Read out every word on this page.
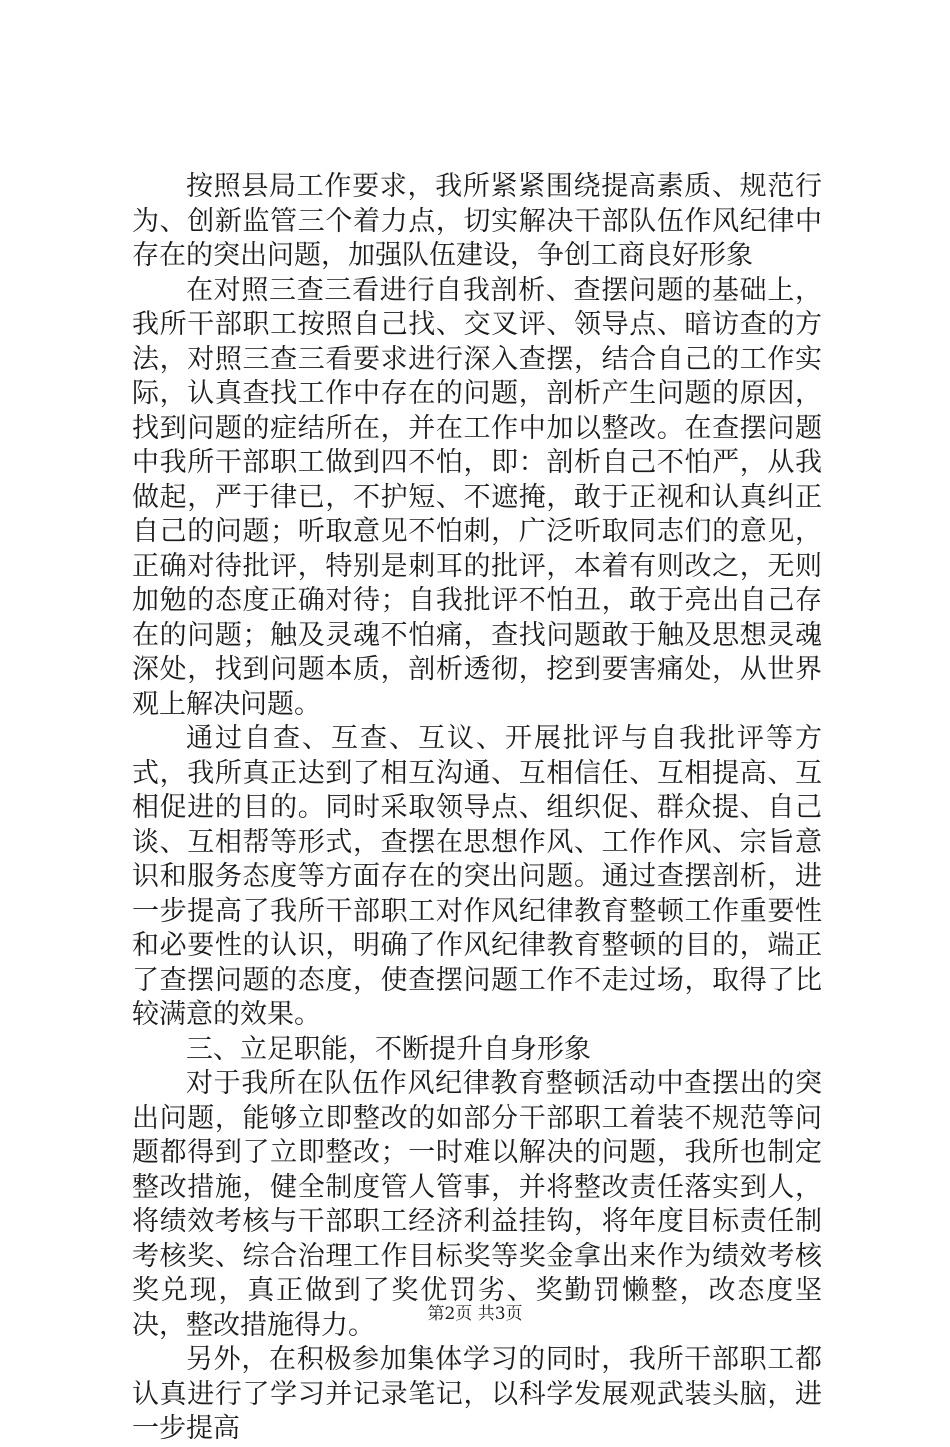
按照县局工作要求，我所紧紧围绕提高素质、规范行为、创新监管三个着力点，切实解决干部队伍作风纪律中存在的突出问题，加强队伍建设，争创工商良好形象

在对照三查三看进行自我剖析、查摆问题的基础上，我所干部职工按照自己找、交叉评、领导点、暗访查的方法，对照三查三看要求进行深入查摆，结合自己的工作实际，认真查找工作中存在的问题，剖析产生问题的原因，找到问题的症结所在，并在工作中加以整改。在查摆问题中我所干部职工做到四不怕，即：剖析自己不怕严，从我做起，严于律已，不护短、不遮掩，敢于正视和认真纠正自己的问题；听取意见不怕刺，广泛听取同志们的意见，正确对待批评，特别是刺耳的批评，本着有则改之，无则加勉的态度正确对待；自我批评不怕丑，敢于亮出自己存在的问题；触及灵魂不怕痛，查找问题敢于触及思想灵魂深处，找到问题本质，剖析透彻，挖到要害痛处，从世界观上解决问题。

通过自查、互查、互议、开展批评与自我批评等方式，我所真正达到了相互沟通、互相信任、互相提高、互相促进的目的。同时采取领导点、组织促、群众提、自己谈、互相帮等形式，查摆在思想作风、工作作风、宗旨意识和服务态度等方面存在的突出问题。通过查摆剖析，进一步提高了我所干部职工对作风纪律教育整顿工作重要性和必要性的认识，明确了作风纪律教育整顿的目的，端正了查摆问题的态度，使查摆问题工作不走过场，取得了比较满意的效果。

三、立足职能，不断提升自身形象

对于我所在队伍作风纪律教育整顿活动中查摆出的突出问题，能够立即整改的如部分干部职工着装不规范等问题都得到了立即整改；一时难以解决的问题，我所也制定整改措施，健全制度管人管事，并将整改责任落实到人，将绩效考核与干部职工经济利益挂钩，将年度目标责任制考核奖、综合治理工作目标奖等奖金拿出来作为绩效考核奖兑现，真正做到了奖优罚劣、奖勤罚懒整，改态度坚决，整改措施得力。

另外，在积极参加集体学习的同时，我所干部职工都认真进行了学习并记录笔记，以科学发展观武装头脑，进一步提高

第2页 共3页
